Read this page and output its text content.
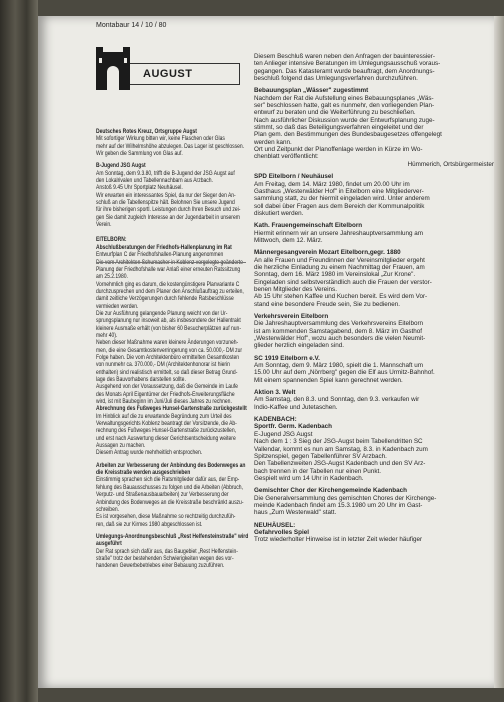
Montabaur 14 / 10 / 80
AUGUST
Deutsches Rotes Kreuz, Ortsgruppe Augst
Mit sofortiger Wirkung bitten wir, keine Flaschen oder Glas
mehr auf der Wilhelmshöhe abzulegen. Das Lager ist geschlossen.
Wir geben die Sammlung von Glas auf.
B-Jugend JSG Augst
Am Sonntag, dem 9.3.80, trifft die B-Jugend der JSG Augst auf
den Lokalrivalen und Tabellennachbarn aus Arzbach.
Anstoß 9.45 Uhr Sportplatz Neuhäusel.
Wir erwarten ein interessantes Spiel, da nur der Sieger den An-
schluß an die Tabellenspitze hält. Belohnen Sie unsere Jugend
für ihre bisherigen sportl. Leistungen durch Ihren Besuch und zei-
gen Sie damit zugleich Interesse an der Jugendarbeit in unserem
Verein.
EITELBORN:
Abschlußberatungen der Friedhofs-Hallenplanung im Rat
Entwurfplan C der Friedhofshallen-Planung angenommen
Die vom Architekten Schumacher in Koblenz vorgelegte geänderte
Planung der Friedhofshalle war Anlaß einer erneuten Ratssitzung
am 25.2.1980.
Vornehmlich ging es darum, die kostengünstigere Planvariante C
durchzusprechen und dem Planer den Anschlußauftrag zu erteilen,
damit zeitliche Verzögerungen durch fehlende Ratsbeschlüsse
vermieden werden.
Die zur Ausführung gelangende Planung weicht von der Ur-
sprungsplanung nur insoweit ab, als insbesondere der Hallentrakt
kleinere Ausmaße erhält (von bisher 60 Besucherplätzen auf nun-
mehr 40).
Neben dieser Maßnahme waren kleinere Änderungen vorzuneh-
men, die eine Gesamtkostenverringerung von ca. 50.000,- DM zur
Folge haben. Die vom Architektenbüro ermittelten Gesamtkosten
von nunmehr ca. 370.000,- DM (Architektenhonorar ist hierin
enthalten) sind realistisch ermittelt, so daß dieser Betrag Grund-
lage des Bauvorhabens darstellen sollte.
Ausgehend von der Voraussetzung, daß die Gemeinde im Laufe
des Monats April Eigentümer der Friedhofs-Erweiterungsfläche
wird, ist mit Baubeginn im Juni/Juli dieses Jahres zu rechnen.
Abrechnung des Fußweges Hunsel-Gartenstraße zurückgestellt
Im Hinblick auf die zu erwartende Begründung zum Urteil des
Verwaltungsgerichts Koblenz beantragt der Vorsitzende, die Ab-
rechnung des Fußweges Hunsel-Gartenstraße zurückzustellen,
und erst nach Auswertung dieser Gerichtsentscheidung weitere
Aussagen zu machen.
Diesem Antrag wurde mehrheitlich entsprochen.
Arbeiten zur Verbesserung der Anbindung des Bodenweges an
die Kreisstraße werden ausgeschrieben
Einstimmig sprachen sich die Ratsmitglieder dafür aus, der Emp-
fehlung des Bauausschusses zu folgen und die Arbeiten (Abbruch,
Verputz- und Straßenausbauarbeiten) zur Verbesserung der
Anbindung des Bodenweges an die Kreisstraße beschränkt auszu-
schreiben.
Es ist vorgesehen, diese Maßnahme so rechtzeitig durchzufüh-
ren, daß sie zur Kirmes 1980 abgeschlossen ist.
Umlegungs-Anordnungsbeschluß „Rest Helfensteinstraße" wird
ausgeführt
Der Rat sprach sich dafür aus, das Baugebiet „Rest Helfenstein-
straße" trotz der bestehenden Schwierigkeiten wegen des vor-
handenen Gewerbebetriebes einer Bebauung zuzuführen.
Diesem Beschluß waren neben den Anfragen der bauinteressier-
ten Anlieger intensive Beratungen im Umlegungsausschuß voraus-
gegangen. Das Katasteramt wurde beauftragt, dem Anordnungs-
beschluß folgend das Umlegungsverfahren durchzuführen.
Bebauungsplan „Wässer" zugestimmt
Nachdem der Rat die Aufstellung eines Bebauungsplanes „Wäs-
ser" beschlossen hatte, galt es nunmehr, den vorliegenden Plan-
entwurf zu beraten und die Weiterführung zu beschließen.
Nach ausführlicher Diskussion wurde der Entwurfsplanung zuge-
stimmt, so daß das Beteiligungsverfahren eingeleitet und der
Plan gem. den Bestimmungen des Bundesbaugesetzes offengelegt
werden kann.
Ort und Zeitpunkt der Planoffenlage werden in Kürze im Wo-
chenblatt veröffentlicht:
Hümmerich, Ortsbürgermeister
SPD Eitelborn / Neuhäusel
Am Freitag, dem 14. März 1980, findet um 20.00 Uhr im
Gasthaus „Westerwälder Hof" in Eitelborn eine Mitgliederver-
sammlung statt, zu der hiermit eingeladen wird. Unter anderem
soll dabei über Fragen aus dem Bereich der Kommunalpolitik
diskutiert werden.
Kath. Frauengemeinschaft Eitelborn
Hiermit erinnern wir an unsere Jahreshauptversammlung am
Mittwoch, dem 12. März.
Männergesangverein Mozart Eitelborn,gegr. 1880
An alle Frauen und Freundinnen der Vereinsmitglieder ergeht
die herzliche Einladung zu einem Nachmittag der Frauen, am
Sonntag, dem 16. März 1980 im Vereinslokal „Zur Krone".
Eingeladen sind selbstverständlich auch die Frauen der verstor-
benen Mitglieder des Vereins.
Ab 15 Uhr stehen Kaffee und Kuchen bereit. Es wird dem Vor-
stand eine besondere Freude sein, Sie zu bedienen.
Verkehrsverein Eitelborn
Die Jahreshauptversammlung des Verkehrsvereins Eitelborn
ist am kommenden Samstagabend, dem 8. März im Gasthof
„Westerwälder Hof", wozu auch besonders die vielen Neumit-
glieder herzlich eingeladen sind.
SC 1919 Eitelborn e.V.
Am Sonntag, dem 9. März 1980, spielt die 1. Mannschaft um
15.00 Uhr auf dem „Nörrberg" gegen die Elf aus Urmitz-Bahnhof.
Mit einem spannenden Spiel kann gerechnet werden.
Aktion 3. Welt
Am Samstag, den 8.3. und Sonntag, den 9.3. verkaufen wir
Indio-Kaffee und Jutetaschen.
KADENBACH:
Sportfr. Germ. Kadenbach
E-Jugend JSG Augst
Nach dem 1 : 3 Sieg der JSG-Augst beim Tabellendritten SC
Vallendar, kommt es nun am Samstag, 8.3. in Kadenbach zum
Spitzenspiel, gegen Tabellenführer SV Arzbach.
Den Tabellenzweiten JSG-Augst Kadenbach und den SV Arz-
bach trennen in der Tabellen nur einen Punkt.
Gespielt wird um 14 Uhr in Kadenbach.
Gemischter Chor der Kirchengemeinde Kadenbach
Die Generalversammlung des gemischten Chores der Kirchenge-
meinde Kadenbach findet am 15.3.1980 um 20 Uhr im Gast-
haus „Zum Westerwald" statt.
NEUHÄUSEL:
Gefahrvolles Spiel
Trotz wiederholter Hinweise ist in letzter Zeit wieder häufiger
